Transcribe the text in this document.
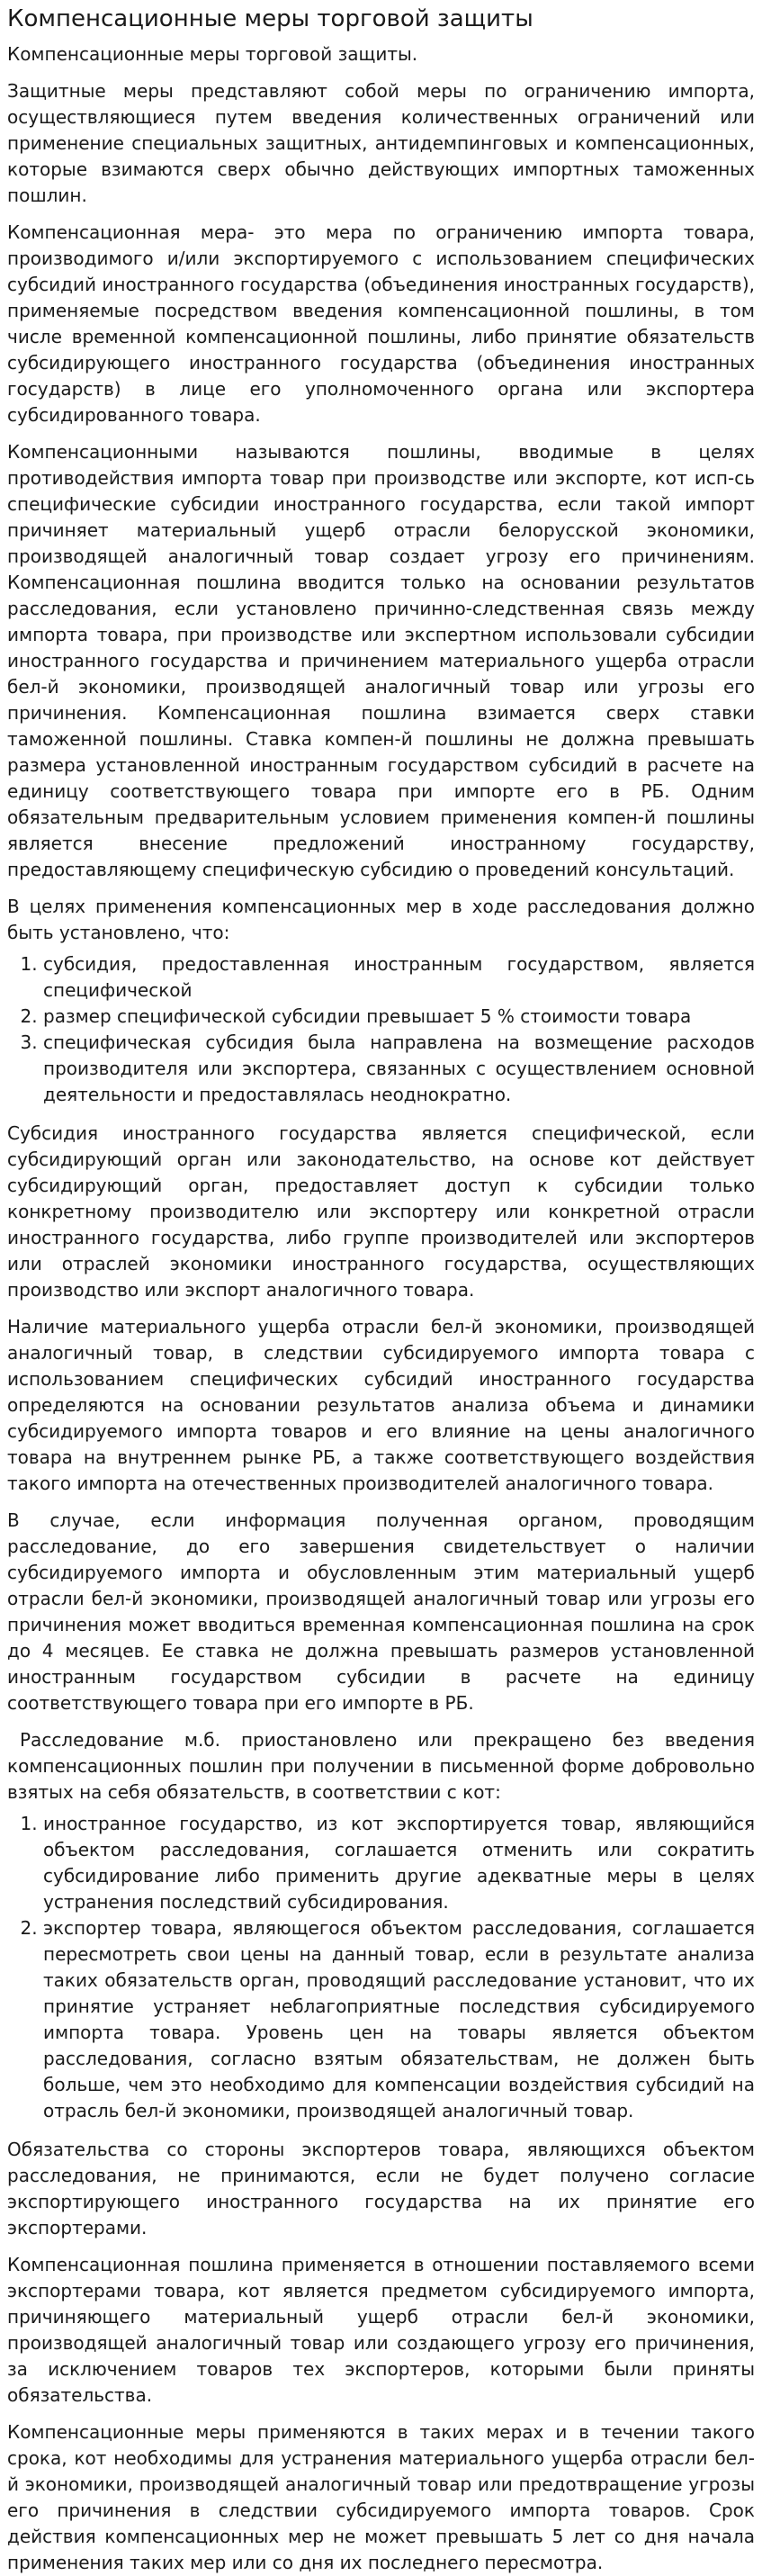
Компенсационные меры торговой защиты

Компенсационные меры торговой защиты.

Защитные меры представляют собой меры по ограничению импорта, осуществляющиеся путем введения количественных ограничений или применение специальных защитных, антидемпинговых и компенсационных, которые взимаются сверх обычно действующих импортных таможенных пошлин.

Компенсационная мера- это мера по ограничению импорта товара, производимого и/или экспортируемого с использованием специфических субсидий иностранного государства (объединения иностранных государств), применяемые посредством введения компенсационной пошлины, в том числе временной компенсационной пошлины, либо принятие обязательств субсидирующего иностранного государства (объединения иностранных государств) в лице его уполномоченного органа или экспортера субсидированного товара.

Компенсационными называются пошлины, вводимые в целях противодействия импорта товар при производстве или экспорте, кот исп-сь специфические субсидии иностранного государства, если такой импорт причиняет материальный ущерб отрасли белорусской экономики, производящей аналогичный товар создает угрозу его причинениям. Компенсационная пошлина вводится только на основании результатов расследования, если установлено причинно-следственная связь между импорта товара, при производстве или экспертном использовали субсидии иностранного государства и причинением материального ущерба отрасли бел-й экономики, производящей аналогичный товар или угрозы его причинения. Компенсационная пошлина взимается сверх ставки таможенной пошлины. Ставка компен-й пошлины не должна превышать размера установленной иностранным государством субсидий в расчете на единицу соответствующего товара при импорте его в РБ. Одним обязательным предварительным условием применения компен-й пошлины является внесение предложений иностранному государству, предоставляющему специфическую субсидию о проведений консультаций.

В целях применения компенсационных мер в ходе расследования должно быть установлено, что:

1. субсидия, предоставленная иностранным государством, является специфической
2. размер специфической субсидии превышает 5 % стоимости товара
3. специфическая субсидия была направлена на возмещение расходов производителя или экспортера, связанных с осуществлением основной деятельности и предоставлялась неоднократно.

Субсидия иностранного государства является специфической, если субсидирующий орган или законодательство, на основе кот действует субсидирующий орган, предоставляет доступ к субсидии только конкретному производителю или экспортеру или конкретной отрасли иностранного государства, либо группе производителей или экспортеров или отраслей экономики иностранного государства, осуществляющих производство или экспорт аналогичного товара.

Наличие материального ущерба отрасли бел-й экономики, производящей аналогичный товар, в следствии субсидируемого импорта товара с использованием специфических субсидий иностранного государства определяются на основании результатов анализа объема и динамики субсидируемого импорта товаров и его влияние на цены аналогичного товара на внутреннем рынке РБ, а также соответствующего воздействия такого импорта на отечественных производителей аналогичного товара.

В случае, если информация полученная органом, проводящим расследование, до его завершения свидетельствует о наличии субсидируемого импорта и обусловленным этим материальный ущерб отрасли бел-й экономики, производящей аналогичный товар или угрозы его причинения может вводиться временная компенсационная пошлина на срок до 4 месяцев. Ее ставка не должна превышать размеров установленной иностранным государством субсидии в расчете на единицу соответствующего товара при его импорте в РБ.

Расследование м.б. приостановлено или прекращено без введения компенсационных пошлин при получении в письменной форме добровольно взятых на себя обязательств, в соответствии с кот:

1. иностранное государство, из кот экспортируется товар, являющийся объектом расследования, соглашается отменить или сократить субсидирование либо применить другие адекватные меры в целях устранения последствий субсидирования.
2. экспортер товара, являющегося объектом расследования, соглашается пересмотреть свои цены на данный товар, если в результате анализа таких обязательств орган, проводящий расследование установит, что их принятие устраняет неблагоприятные последствия субсидируемого импорта товара. Уровень цен на товары является объектом расследования, согласно взятым обязательствам, не должен быть больше, чем это необходимо для компенсации воздействия субсидий на отрасль бел-й экономики, производящей аналогичный товар.

Обязательства со стороны экспортеров товара, являющихся объектом расследования, не принимаются, если не будет получено согласие экспортирующего иностранного государства на их принятие его экспортерами.

Компенсационная пошлина применяется в отношении поставляемого всеми экспортерами товара, кот является предметом субсидируемого импорта, причиняющего материальный ущерб отрасли бел-й экономики, производящей аналогичный товар или создающего угрозу его причинения, за исключением товаров тех экспортеров, которыми были приняты обязательства.

Компенсационные меры применяются в таких мерах и в течении такого срока, кот необходимы для устранения материального ущерба отрасли бел-й экономики, производящей аналогичный товар или предотвращение угрозы его причинения в следствии субсидируемого импорта товаров. Срок действия компенсационных мер не может превышать 5 лет со дня начала применения таких мер или со дня их последнего пересмотра.
